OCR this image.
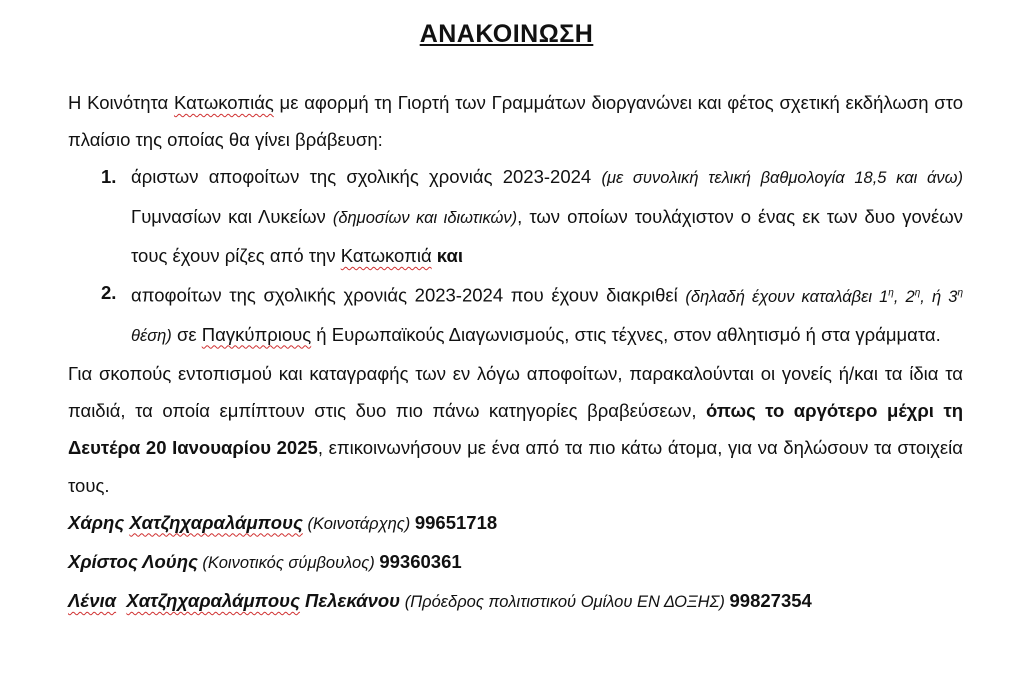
ΑΝΑΚΟΙΝΩΣΗ

Η Κοινότητα Κατωκοπιάς με αφορμή τη Γιορτή των Γραμμάτων διοργανώνει και φέτος σχετική εκδήλωση στο πλαίσιο της οποίας θα γίνει βράβευση:

1. άριστων αποφοίτων της σχολικής χρονιάς 2023-2024 (με συνολική τελική βαθμολογία 18,5 και άνω) Γυμνασίων και Λυκείων (δημοσίων και ιδιωτικών), των οποίων τουλάχιστον ο ένας εκ των δυο γονέων τους έχουν ρίζες από την Κατωκοπιά και
2. αποφοίτων της σχολικής χρονιάς 2023-2024 που έχουν διακριθεί (δηλαδή έχουν καταλάβει $1^\eta$, $2^\eta$, ή $3^\eta$ θέση) σε Παγκύπριους ή Ευρωπαϊκούς Διαγωνισμούς, στις τέχνες, στον αθλητισμό ή στα γράμματα.

Για σκοπούς εντοπισμού και καταγραφής των εν λόγω αποφοίτων, παρακαλούνται οι γονείς ή/και τα ίδια τα παιδιά, τα οποία εμπίπτουν στις δυο πιο πάνω κατηγορίες βραβεύσεων, όπως το αργότερο μέχρι τη Δευτέρα 20 Ιανουαρίου 2025, επικοινωνήσουν με ένα από τα πιο κάτω άτομα, για να δηλώσουν τα στοιχεία τους.

Χάρης Χατζηχαραλάμπους (Κοινοτάρχης) 99651718
Χρίστος Λούης (Κοινοτικός σύμβουλος) 99360361
Λένια Χατζηχαραλάμπους Πελεκάνου (Πρόεδρος πολιτιστικού Ομίλου ΕΝ ΔΟΞΗΣ) 99827354
